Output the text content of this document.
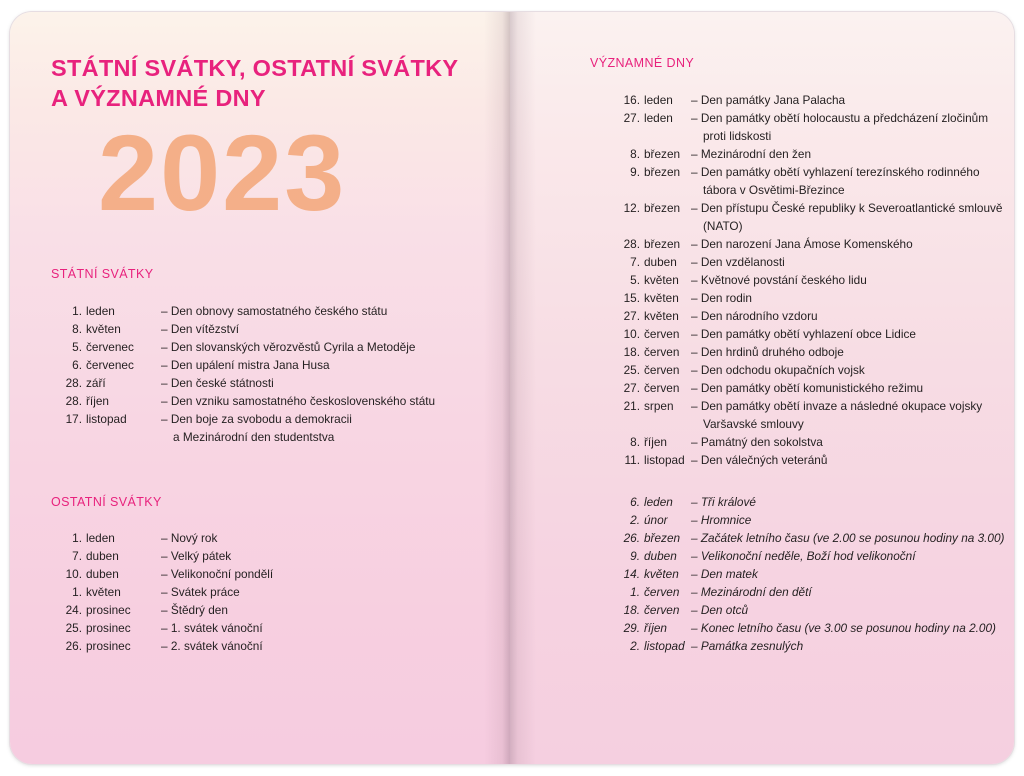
STÁTNÍ SVÁTKY, OSTATNÍ SVÁTKY
A VÝZNAMNÉ DNY
2023
STÁTNÍ SVÁTKY
1. leden	– Den obnovy samostatného českého státu
8. květen	– Den vítězství
5. červenec	– Den slovanských věrozvěstů Cyrila a Metoděje
6. červenec	– Den upálení mistra Jana Husa
28. září	– Den české státnosti
28. říjen	– Den vzniku samostatného československého státu
17. listopad	– Den boje za svobodu a demokracii
a Mezinárodní den studentstva
OSTATNÍ SVÁTKY
1. leden	– Nový rok
7. duben	– Velký pátek
10. duben	– Velikonoční pondělí
1. květen	– Svátek práce
24. prosinec	– Štědrý den
25. prosinec	– 1. svátek vánoční
26. prosinec	– 2. svátek vánoční
VÝZNAMNÉ DNY
16. leden	– Den památky Jana Palacha
27. leden	– Den památky obětí holocaustu a předcházení zločinům
proti lidskosti
8. březen – Mezinárodní den žen
9. březen – Den památky obětí vyhlazení terezínského rodinného
tábora v Osvětimi-Březince
12. březen – Den přístupu České republiky k Severoatlantické smlouvě
(NATO)
28. březen – Den narození Jana Ámose Komenského
7. duben	– Den vzdělanosti
5. květen	– Květnové povstání českého lidu
15. květen	– Den rodin
27. květen	– Den národního vzdoru
10. červen – Den památky obětí vyhlazení obce Lidice
18. červen – Den hrdinů druhého odboje
25. červen – Den odchodu okupačních vojsk
27. červen – Den památky obětí komunistického režimu
21. srpen	– Den památky obětí invaze a následné okupace vojsky
Varšavské smlouvy
8. říjen	– Památný den sokolstva
11. listopad – Den válečných veteránů
6. leden	– Tři králové
2. únor	– Hromnice
26. březen – Začátek letního času (ve 2.00 se posunou hodiny na 3.00)
9. duben	– Velikonoční neděle, Boží hod velikonoční
14. květen	– Den matek
1. červen – Mezinárodní den dětí
18. červen – Den otců
29. říjen	– Konec letního času (ve 3.00 se posunou hodiny na 2.00)
2. listopad – Památka zesnulých
